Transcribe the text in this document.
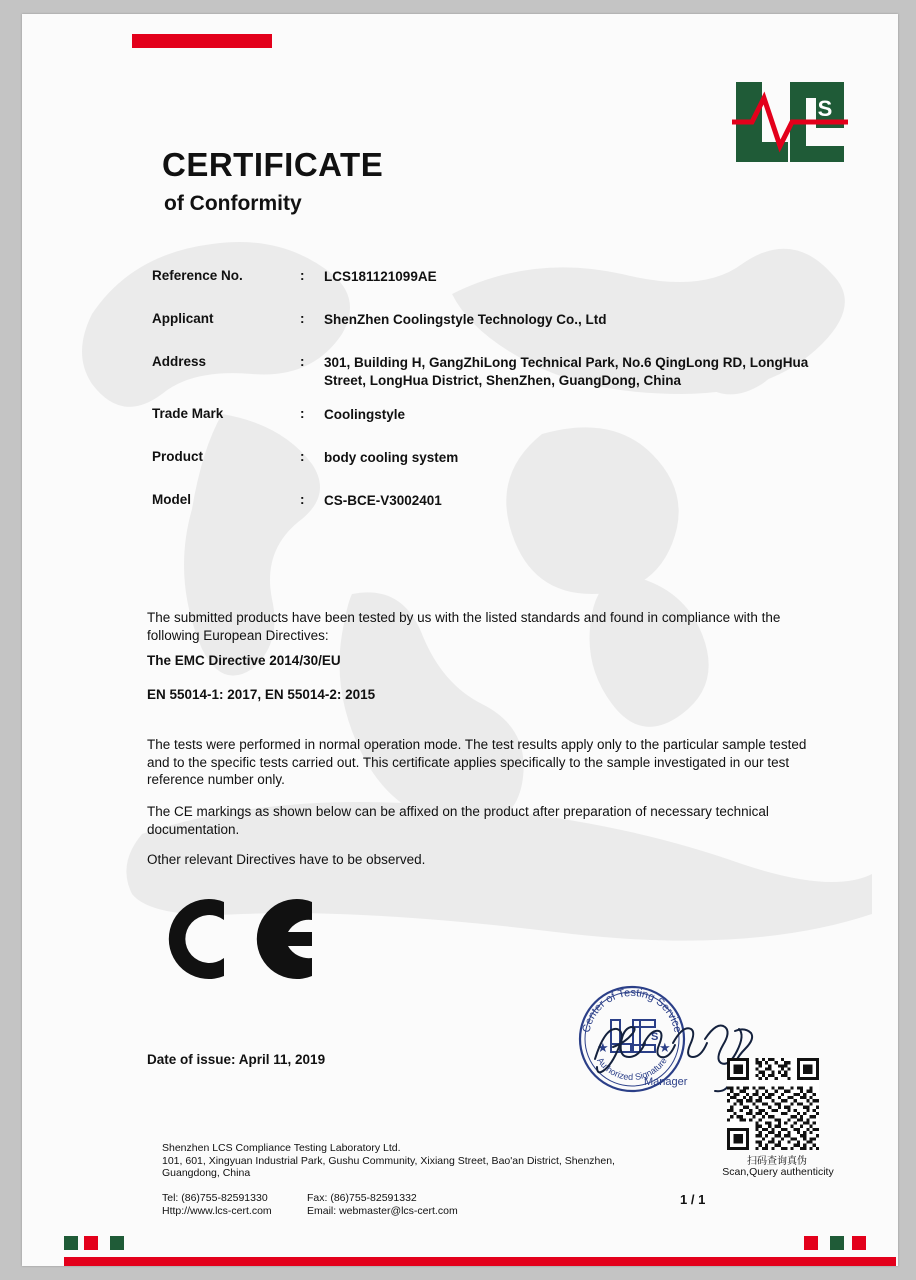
S
CERTIFICATE
of Conformity
Reference No.	: LCS181121099AE
Applicant	: ShenZhen Coolingstyle Technology Co., Ltd
Address	: 301, Building H, GangZhiLong Technical Park, No.6 QingLong RD, LongHua Street, LongHua District, ShenZhen, GuangDong, China
Trade Mark	: Coolingstyle
Product	: body cooling system
Model	: CS-BCE-V3002401
The submitted products have been tested by us with the listed standards and found in compliance with the following European Directives:
The EMC Directive 2014/30/EU
EN 55014-1: 2017, EN 55014-2: 2015
The tests were performed in normal operation mode. The test results apply only to the particular sample tested and to the specific tests carried out. This certificate applies specifically to the sample investigated in our test reference number only.
The CE markings as shown below can be affixed on the product after preparation of necessary technical documentation.
Other relevant Directives have to be observed.
Date of issue: April 11, 2019
Center of Testing Service
Authorized Signature
S
★	★
Manager
扫码查询真伪
Scan,Query authenticity
Shenzhen LCS Compliance Testing Laboratory Ltd.
101, 601, Xingyuan Industrial Park, Gushu Community, Xixiang Street, Bao'an District, Shenzhen,
Guangdong, China
Tel: (86)755-82591330
Http://www.lcs-cert.com
Fax: (86)755-82591332
Email: webmaster@lcs-cert.com
1 / 1
